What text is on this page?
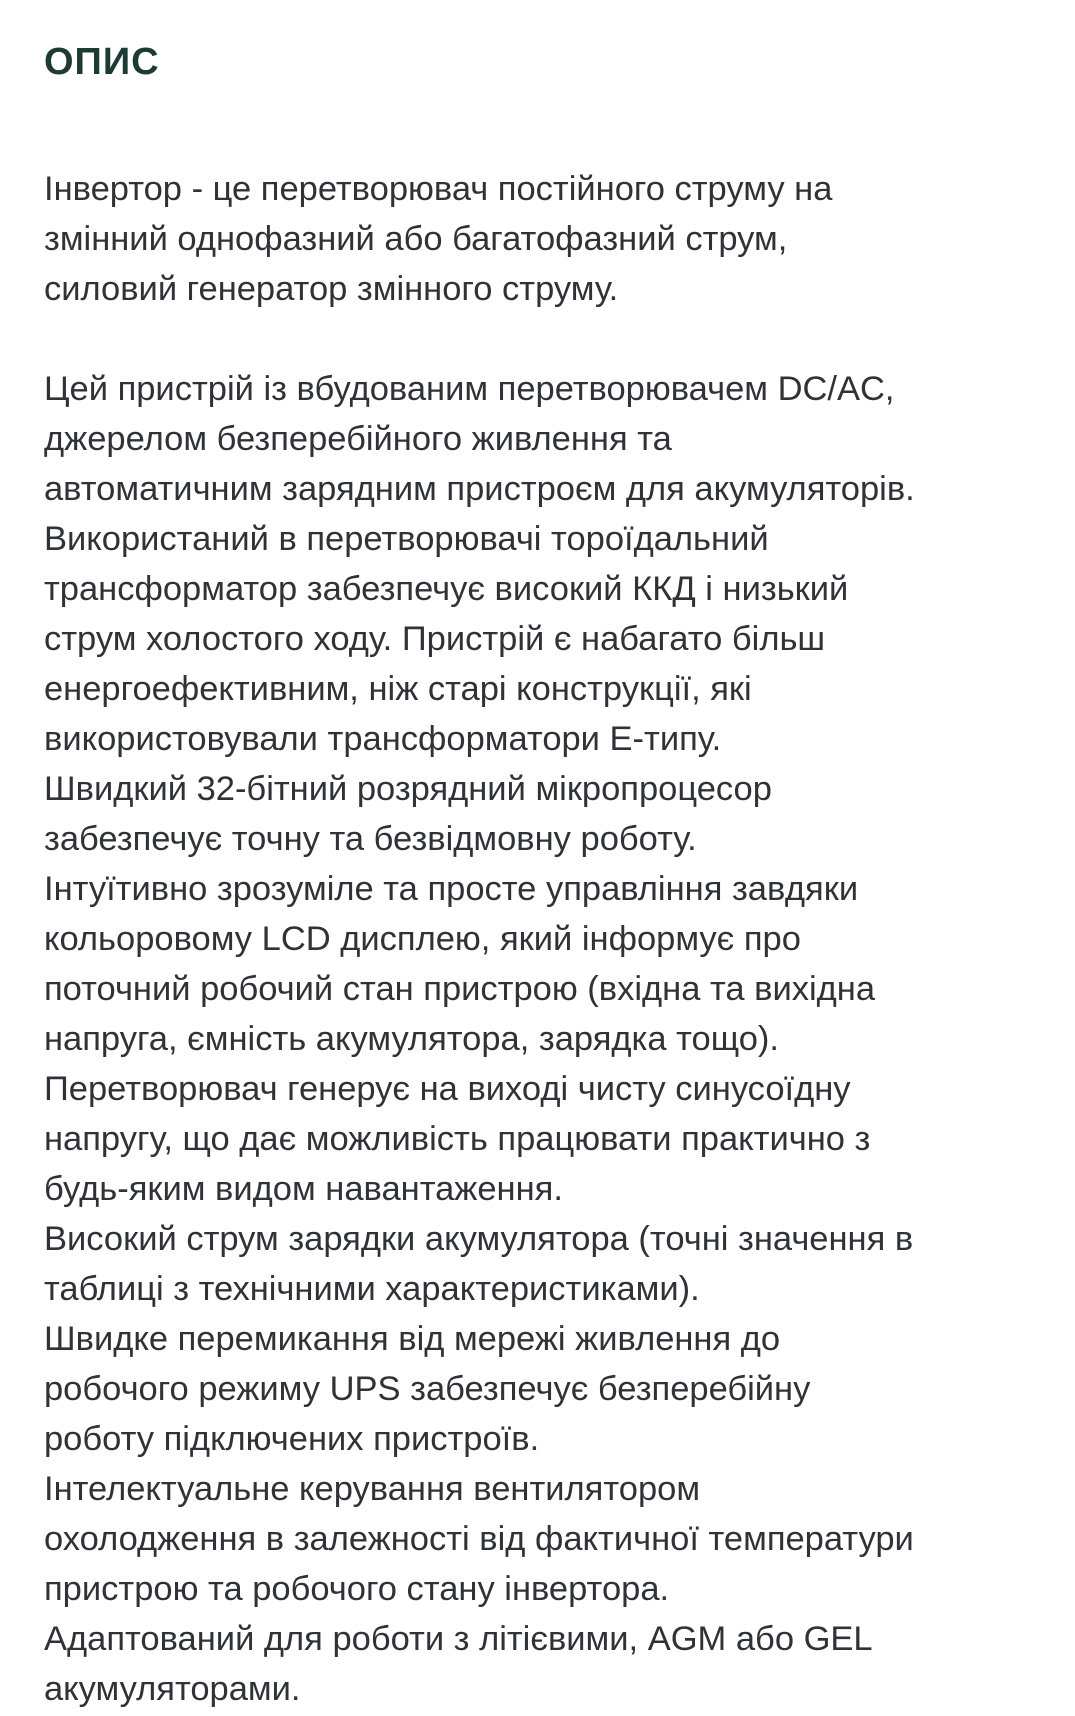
ОПИС

Інвертор - це перетворювач постійного струму на
змінний однофазний або багатофазний струм,
силовий генератор змінного струму.

Цей пристрій із вбудованим перетворювачем DC/AC,
джерелом безперебійного живлення та
автоматичним зарядним пристроєм для акумуляторів.
Використаний в перетворювачі тороїдальний
трансформатор забезпечує високий ККД і низький
струм холостого ходу. Пристрій є набагато більш
енергоефективним, ніж старі конструкції, які
використовували трансформатори E-типу.
Швидкий 32-бітний розрядний мікропроцесор
забезпечує точну та безвідмовну роботу.
Інтуїтивно зрозуміле та просте управління завдяки
кольоровому LCD дисплею, який інформує про
поточний робочий стан пристрою (вхідна та вихідна
напруга, ємність акумулятора, зарядка тощо).
Перетворювач генерує на виході чисту синусоїдну
напругу, що дає можливість працювати практично з
будь-яким видом навантаження.
Високий струм зарядки акумулятора (точні значення в
таблиці з технічними характеристиками).
Швидке перемикання від мережі живлення до
робочого режиму UPS забезпечує безперебійну
роботу підключених пристроїв.
Інтелектуальне керування вентилятором
охолодження в залежності від фактичної температури
пристрою та робочого стану інвертора.
Адаптований для роботи з літієвими, AGM або GEL
акумуляторами.
